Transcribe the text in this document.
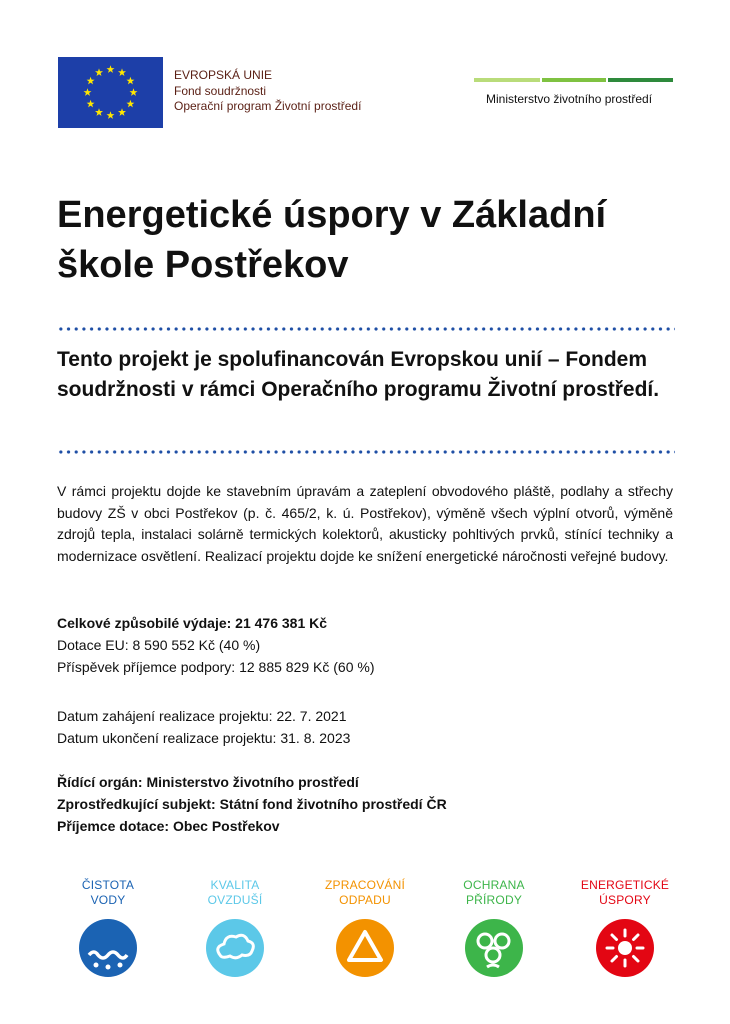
EVROPSKÁ UNIE
Fond soudržnosti
Operační program Životní prostředí	Ministerstvo životního prostředí
Energetické úspory v Základní škole Postřekov
Tento projekt je spolufinancován Evropskou unií – Fondem soudržnosti v rámci Operačního programu Životní prostředí.
V rámci projektu dojde ke stavebním úpravám a zateplení obvodového pláště, podlahy a střechy budovy ZŠ v obci Postřekov (p. č. 465/2, k. ú. Postřekov), výměně všech výplní otvorů, výměně zdrojů tepla, instalaci solárně termických kolektorů, akusticky pohltivých prvků, stínící techniky a modernizace osvětlení. Realizací projektu dojde ke snížení energetické náročnosti veřejné budovy.
Celkové způsobilé výdaje: 21 476 381 Kč
Dotace EU: 8 590 552 Kč (40 %)
Příspěvek příjemce podpory: 12 885 829 Kč (60 %)
Datum zahájení realizace projektu: 22. 7. 2021
Datum ukončení realizace projektu: 31. 8. 2023
Řídící orgán: Ministerstvo životního prostředí
Zprostředkující subjekt: Státní fond životního prostředí ČR
Příjemce dotace: Obec Postřekov
ČISTOTA
VODY
KVALITA
OVZDUŠÍ
ZPRACOVÁNÍ
ODPADU
OCHRANA
PŘÍRODY
ENERGETICKÉ
ÚSPORY
